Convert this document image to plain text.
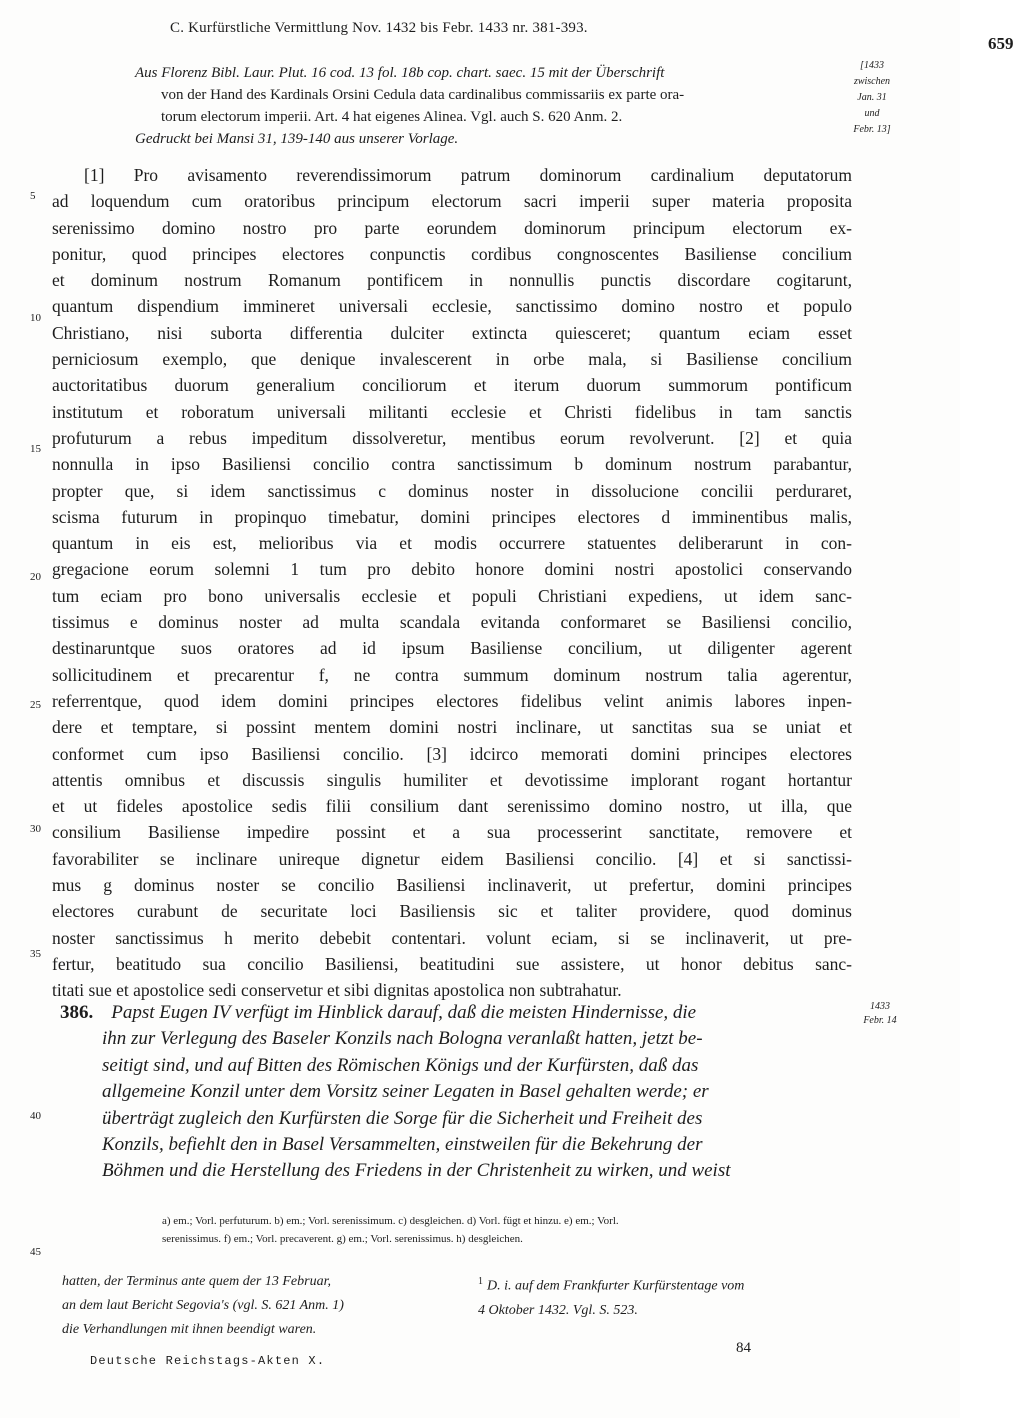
C. Kurfürstliche Vermittlung Nov. 1432 bis Febr. 1433 nr. 381-393.
659
Aus Florenz Bibl. Laur. Plut. 16 cod. 13 fol. 18b cop. chart. saec. 15 mit der Überschrift
von der Hand des Kardinals Orsini Cedula data cardinalibus commissariis ex parte ora-
torum electorum imperii. Art. 4 hat eigenes Alinea. Vgl. auch S. 620 Anm. 2.
Gedruckt bei Mansi 31, 139-140 aus unserer Vorlage.
[1433
zwischen
Jan. 31
und
Febr. 13]
5
10
15
20
25
30
35
40
45
[1] Pro avisamento reverendissimorum patrum dominorum cardinalium deputatorum
ad loquendum cum oratoribus principum electorum sacri imperii super materia proposita
serenissimo domino nostro pro parte eorundem dominorum principum electorum ex-
ponitur, quod principes electores conpunctis cordibus congnoscentes Basiliense concilium
et dominum nostrum Romanum pontificem in nonnullis punctis discordare cogitarunt,
quantum dispendium immineret universali ecclesie, sanctissimo domino nostro et populo
Christiano, nisi suborta differentia dulciter extincta quiesceret; quantum eciam esset
perniciosum exemplo, que denique invalescerent in orbe mala, si Basiliense concilium
auctoritatibus duorum generalium conciliorum et iterum duorum summorum pontificum
institutum et roboratum universali militanti ecclesie et Christi fidelibus in tam sanctis
profuturum a rebus impeditum dissolveretur, mentibus eorum revolverunt. [2] et quia
nonnulla in ipso Basiliensi concilio contra sanctissimum b dominum nostrum parabantur,
propter que, si idem sanctissimus c dominus noster in dissolucione concilii perduraret,
scisma futurum in propinquo timebatur, domini principes electores d imminentibus malis,
quantum in eis est, melioribus via et modis occurrere statuentes deliberarunt in con-
gregacione eorum solemni 1 tum pro debito honore domini nostri apostolici conservando
tum eciam pro bono universalis ecclesie et populi Christiani expediens, ut idem sanc-
tissimus e dominus noster ad multa scandala evitanda conformaret se Basiliensi concilio,
destinaruntque suos oratores ad id ipsum Basiliense concilium, ut diligenter agerent
sollicitudinem et precarentur f, ne contra summum dominum nostrum talia agerentur,
referrentque, quod idem domini principes electores fidelibus velint animis labores inpen-
dere et temptare, si possint mentem domini nostri inclinare, ut sanctitas sua se uniat et
conformet cum ipso Basiliensi concilio. [3] idcirco memorati domini principes electores
attentis omnibus et discussis singulis humiliter et devotissime implorant rogant hortantur
et ut fideles apostolice sedis filii consilium dant serenissimo domino nostro, ut illa, que
consilium Basiliense impedire possint et a sua processerint sanctitate, removere et
favorabiliter se inclinare unireque dignetur eidem Basiliensi concilio. [4] et si sanctissi-
mus g dominus noster se concilio Basiliensi inclinaverit, ut prefertur, domini principes
electores curabunt de securitate loci Basiliensis sic et taliter providere, quod dominus
noster sanctissimus h merito debebit contentari. volunt eciam, si se inclinaverit, ut pre-
fertur, beatitudo sua concilio Basiliensi, beatitudini sue assistere, ut honor debitus sanc-
titati sue et apostolice sedi conservetur et sibi dignitas apostolica non subtrahatur.
386. Papst Eugen IV verfügt im Hinblick darauf, daß die meisten Hindernisse, die
ihn zur Verlegung des Baseler Konzils nach Bologna veranlaßt hatten, jetzt be-
seitigt sind, und auf Bitten des Römischen Königs und der Kurfürsten, daß das
allgemeine Konzil unter dem Vorsitz seiner Legaten in Basel gehalten werde; er
überträgt zugleich den Kurfürsten die Sorge für die Sicherheit und Freiheit des
Konzils, befiehlt den in Basel Versammelten, einstweilen für die Bekehrung der
Böhmen und die Herstellung des Friedens in der Christenheit zu wirken, und weist
1433
Febr. 14
a) em.; Vorl. perfuturum. b) em.; Vorl. serenissimum. c) desgleichen. d) Vorl. fügt et hinzu. e) em.; Vorl.
serenissimus. f) em.; Vorl. precaverent. g) em.; Vorl. serenissimus. h) desgleichen.
hatten, der Terminus ante quem der 13 Februar,
an dem laut Bericht Segovia's (vgl. S. 621 Anm. 1)
die Verhandlungen mit ihnen beendigt waren.
$^1$ D. i. auf dem Frankfurter Kurfürstentage vom
4 Oktober 1432. Vgl. S. 523.
84
Deutsche Reichstags-Akten X.
